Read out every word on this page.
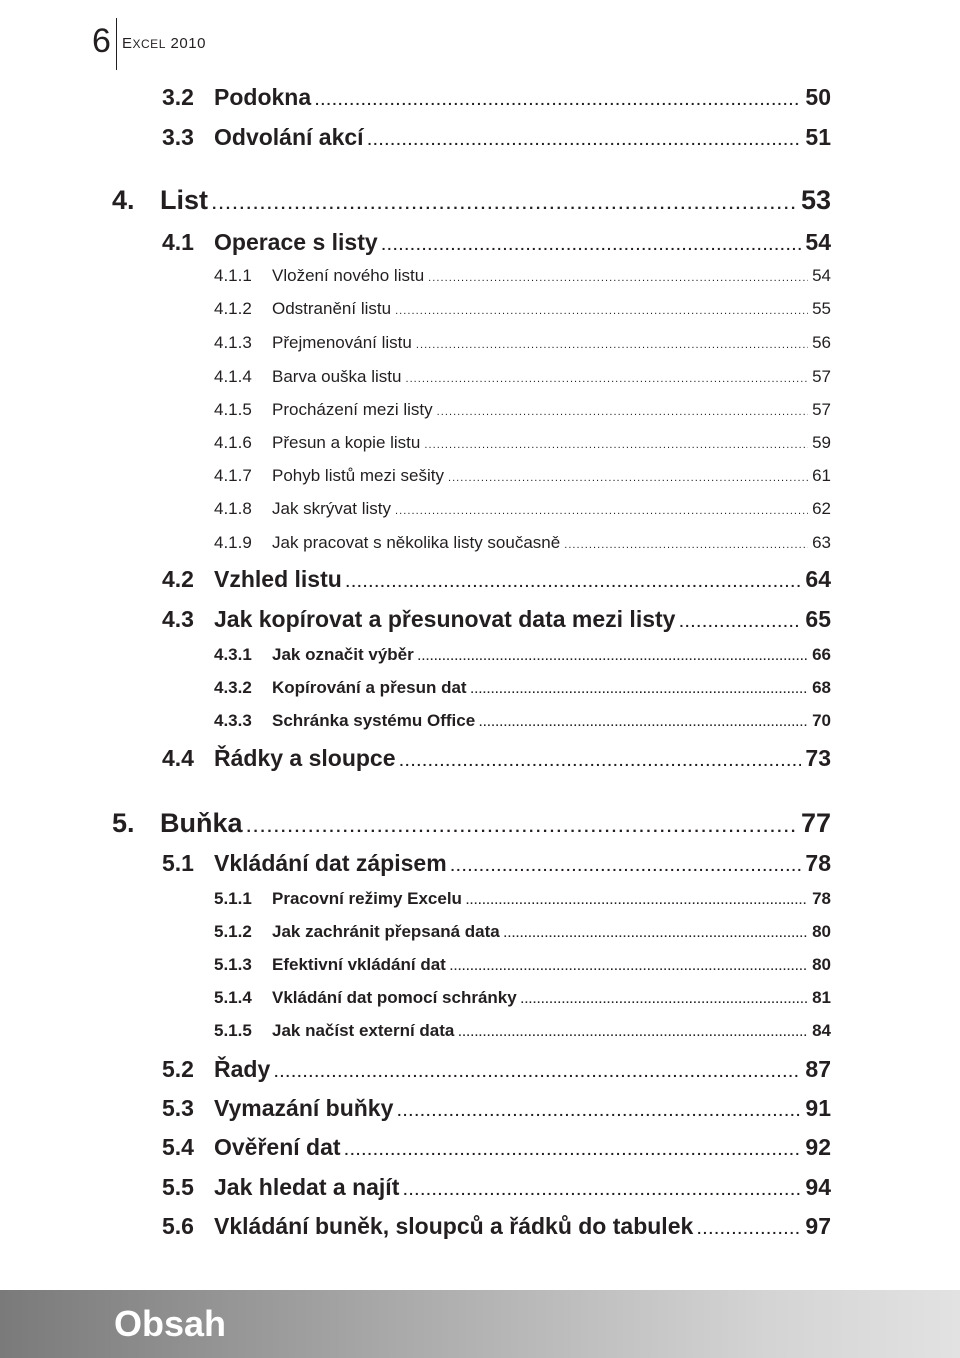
6 EXCEL 2010
3.2 Podokna . . .	50
3.3 Odvolání akcí . . .	51
4. List . . .	53
4.1 Operace s listy . . .	54
4.1.1	Vložení nového listu . . .	54
4.1.2	Odstranění listu . . .	55
4.1.3	Přejmenování listu . . .	56
4.1.4	Barva ouška listu . . .	57
4.1.5	Procházení mezi listy . . .	57
4.1.6	Přesun a kopie listu . . .	59
4.1.7	Pohyb listů mezi sešity . . .	61
4.1.8	Jak skrývat listy . . .	62
4.1.9	Jak pracovat s několika listy současně . . .	63
4.2 Vzhled listu . . .	64
4.3 Jak kopírovat a přesunovat data mezi listy . . .	65
4.3.1	Jak označit výběr . . .	66
4.3.2	Kopírování a přesun dat . . .	68
4.3.3	Schránka systému Office . . .	70
4.4 Řádky a sloupce . . .	73
5. Buňka . . .	77
5.1 Vkládání dat zápisem . . .	78
5.1.1	Pracovní režimy Excelu . . .	78
5.1.2	Jak zachránit přepsaná data . . .	80
5.1.3	Efektivní vkládání dat . . .	80
5.1.4	Vkládání dat pomocí schránky . . .	81
5.1.5	Jak načíst externí data . . .	84
5.2 Řady . . .	87
5.3 Vymazání buňky . . .	91
5.4 Ověření dat . . .	92
5.5 Jak hledat a najít . . .	94
5.6 Vkládání buněk, sloupců a řádků do tabulek . . .	97
Obsah
